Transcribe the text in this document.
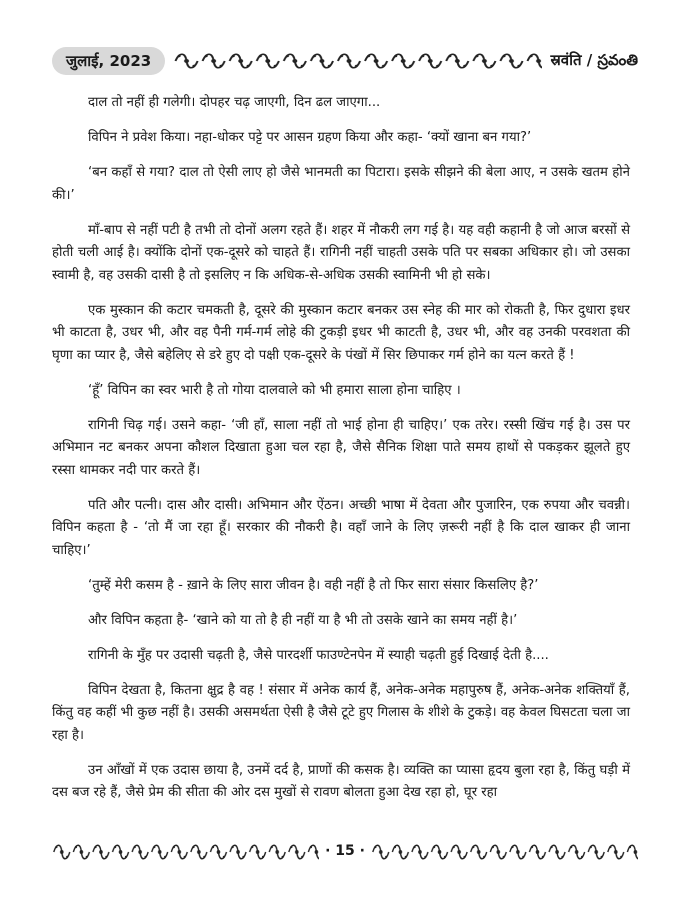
जुलाई, 2023	स्रवंति / స్రవంతి

दाल तो नहीं ही गलेगी। दोपहर चढ़ जाएगी, दिन ढल जाएगा...

विपिन ने प्रवेश किया। नहा-धोकर पट्टे पर आसन ग्रहण किया और कहा- ‘क्यों खाना बन गया?’

‘बन कहाँ से गया? दाल तो ऐसी लाए हो जैसे भानमती का पिटारा। इसके सीझने की बेला आए, न उसके खतम होने की।’

माँ-बाप से नहीं पटी है तभी तो दोनों अलग रहते हैं। शहर में नौकरी लग गई है। यह वही कहानी है जो आज बरसों से होती चली आई है। क्योंकि दोनों एक-दूसरे को चाहते हैं। रागिनी नहीं चाहती उसके पति पर सबका अधिकार हो। जो उसका स्वामी है, वह उसकी दासी है तो इसलिए न कि अधिक-से-अधिक उसकी स्वामिनी भी हो सके।

एक मुस्कान की कटार चमकती है, दूसरे की मुस्कान कटार बनकर उस स्नेह की मार को रोकती है, फिर दुधारा इधर भी काटता है, उधर भी, और वह पैनी गर्म-गर्म लोहे की टुकड़ी इधर भी काटती है, उधर भी, और वह उनकी परवशता की घृणा का प्यार है, जैसे बहेलिए से डरे हुए दो पक्षी एक-दूसरे के पंखों में सिर छिपाकर गर्म होने का यत्न करते हैं !

‘हूँ’ विपिन का स्वर भारी है तो गोया दालवाले को भी हमारा साला होना चाहिए ।

रागिनी चिढ़ गई। उसने कहा- ‘जी हाँ, साला नहीं तो भाई होना ही चाहिए।’ एक तरेर। रस्सी खिंच गई है। उस पर अभिमान नट बनकर अपना कौशल दिखाता हुआ चल रहा है, जैसे सैनिक शिक्षा पाते समय हाथों से पकड़कर झूलते हुए रस्सा थामकर नदी पार करते हैं।

पति और पत्नी। दास और दासी। अभिमान और ऐंठन। अच्छी भाषा में देवता और पुजारिन, एक रुपया और चवन्नी। विपिन कहता है - ‘तो मैं जा रहा हूँ। सरकार की नौकरी है। वहाँ जाने के लिए ज़रूरी नहीं है कि दाल खाकर ही जाना चाहिए।’

‘तुम्हें मेरी कसम है - ख़ाने के लिए सारा जीवन है। वही नहीं है तो फिर सारा संसार किसलिए है?’

और विपिन कहता है- ‘खाने को या तो है ही नहीं या है भी तो उसके खाने का समय नहीं है।’

रागिनी के मुँह पर उदासी चढ़ती है, जैसे पारदर्शी फाउण्टेनपेन में स्याही चढ़ती हुई दिखाई देती है....

विपिन देखता है, कितना क्षुद्र है वह ! संसार में अनेक कार्य हैं, अनेक-अनेक महापुरुष हैं, अनेक-अनेक शक्तियाँ हैं, किंतु वह कहीं भी कुछ नहीं है। उसकी असमर्थता ऐसी है जैसे टूटे हुए गिलास के शीशे के टुकड़े। वह केवल घिसटता चला जा रहा है।

उन आँखों में एक उदास छाया है, उनमें दर्द है, प्राणों की कसक है। व्यक्ति का प्यासा हृदय बुला रहा है, किंतु घड़ी में दस बज रहे हैं, जैसे प्रेम की सीता की ओर दस मुखों से रावण बोलता हुआ देख रहा हो, घूर रहा

· 15 ·
